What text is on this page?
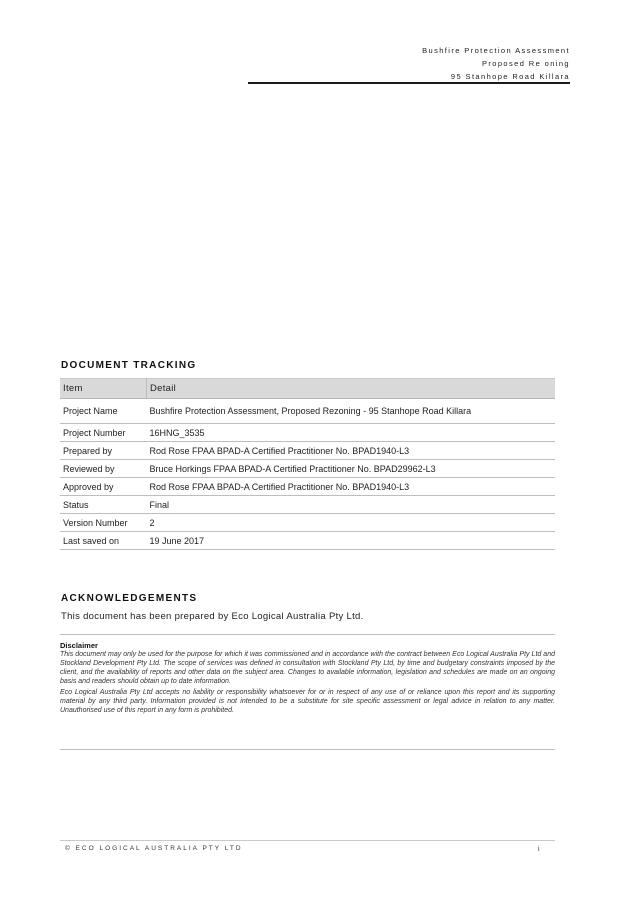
Bushfire Protection Assessment
Proposed Re oning
95 Stanhope Road Killara
DOCUMENT TRACKING
Item	Detail
Project Name	Bushfire Protection Assessment, Proposed Rezoning - 95 Stanhope Road Killara
Project Number	16HNG_3535
Prepared by	Rod Rose FPAA BPAD-A Certified Practitioner No. BPAD1940-L3
Reviewed by	Bruce Horkings FPAA BPAD-A Certified Practitioner No. BPAD29962-L3
Approved by	Rod Rose FPAA BPAD-A Certified Practitioner No. BPAD1940-L3
Status	Final
Version Number	2
Last saved on	19 June 2017
ACKNOWLEDGEMENTS
This document has been prepared by Eco Logical Australia Pty Ltd.
Disclaimer

This document may only be used for the purpose for which it was commissioned and in accordance with the contract between Eco Logical Australia Pty Ltd and Stockland Development Pty Ltd. The scope of services was defined in consultation with Stockland Pty Ltd, by time and budgetary constraints imposed by the client, and the availability of reports and other data on the subject area. Changes to available information, legislation and schedules are made on an ongoing basis and readers should obtain up to date information.

Eco Logical Australia Pty Ltd accepts no liability or responsibility whatsoever for or in respect of any use of or reliance upon this report and its supporting material by any third party. Information provided is not intended to be a substitute for site specific assessment or legal advice in relation to any matter. Unauthorised use of this report in any form is prohibited.

© ECO LOGICAL AUSTRALIA PTY LTD	i
